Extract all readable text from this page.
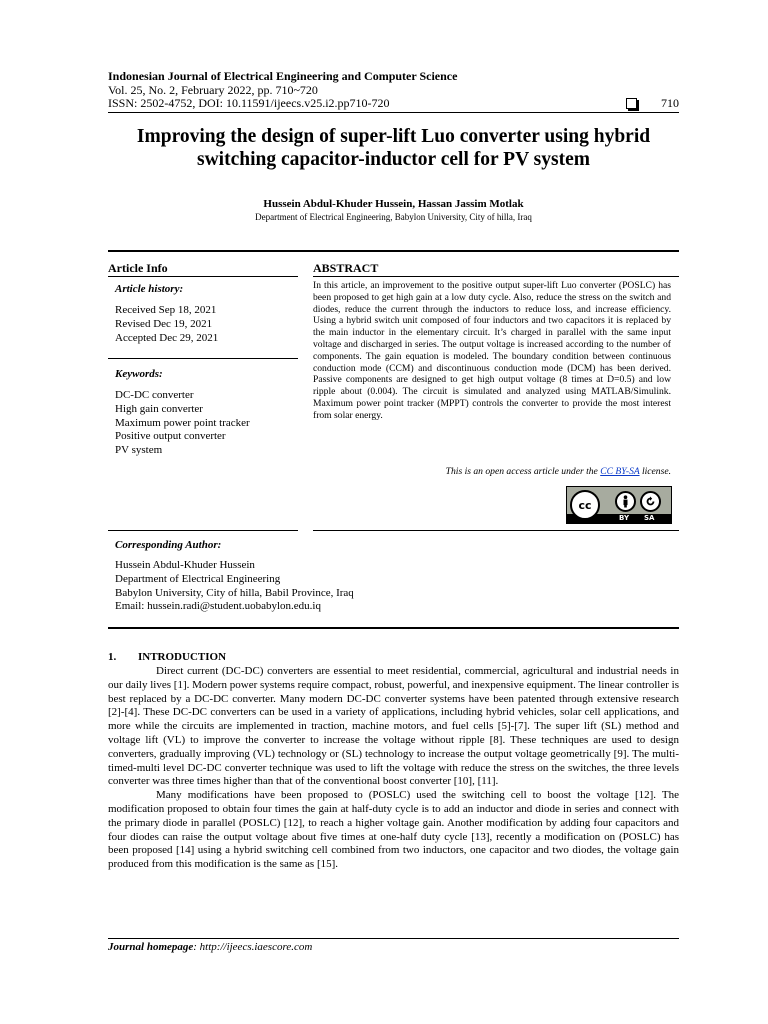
Indonesian Journal of Electrical Engineering and Computer Science
Vol. 25, No. 2, February 2022, pp. 710~720
ISSN: 2502-4752, DOI: 10.11591/ijeecs.v25.i2.pp710-720	710
Improving the design of super-lift Luo converter using hybrid switching capacitor-inductor cell for PV system
Hussein Abdul-Khuder Hussein, Hassan Jassim Motlak
Department of Electrical Engineering, Babylon University, City of hilla, Iraq
Article Info	ABSTRACT
Article history:
Received Sep 18, 2021
Revised Dec 19, 2021
Accepted Dec 29, 2021
Keywords:
DC-DC converter
High gain converter
Maximum power point tracker
Positive output converter
PV system
In this article, an improvement to the positive output super-lift Luo converter (POSLC) has been proposed to get high gain at a low duty cycle. Also, reduce the stress on the switch and diodes, reduce the current through the inductors to reduce loss, and increase efficiency. Using a hybrid switch unit composed of four inductors and two capacitors it is replaced by the main inductor in the elementary circuit. It’s charged in parallel with the same input voltage and discharged in series. The output voltage is increased according to the number of components. The gain equation is modeled. The boundary condition between continuous conduction mode (CCM) and discontinuous conduction mode (DCM) has been derived. Passive components are designed to get high output voltage (8 times at D=0.5) and low ripple about (0.004). The circuit is simulated and analyzed using MATLAB/Simulink. Maximum power point tracker (MPPT) controls the converter to provide the most interest from solar energy.
This is an open access article under the CC BY-SA license.
cc
BY SA
Corresponding Author:
Hussein Abdul-Khuder Hussein
Department of Electrical Engineering
Babylon University, City of hilla, Babil Province, Iraq
Email: hussein.radi@student.uobabylon.edu.iq
1. INTRODUCTION

Direct current (DC-DC) converters are essential to meet residential, commercial, agricultural and industrial needs in our daily lives [1]. Modern power systems require compact, robust, powerful, and inexpensive equipment. The linear controller is best replaced by a DC-DC converter. Many modern DC-DC converter systems have been patented through extensive research [2]-[4]. These DC-DC converters can be used in a variety of applications, including hybrid vehicles, solar cell applications, and more while the circuits are implemented in traction, machine motors, and fuel cells [5]-[7]. The super lift (SL) method and voltage lift (VL) to improve the converter to increase the voltage without ripple [8]. These techniques are used to design converters, gradually improving (VL) technology or (SL) technology to increase the output voltage geometrically [9]. The multi-timed-multi level DC-DC converter technique was used to lift the voltage with reduce the stress on the switches, the three levels converter was three times higher than that of the conventional boost converter [10], [11].

Many modifications have been proposed to (POSLC) used the switching cell to boost the voltage [12]. The modification proposed to obtain four times the gain at half-duty cycle is to add an inductor and diode in series and connect with the primary diode in parallel (POSLC) [12], to reach a higher voltage gain. Another modification by adding four capacitors and four diodes can raise the output voltage about five times at one-half duty cycle [13], recently a modification on (POSLC) has been proposed [14] using a hybrid switching cell combined from two inductors, one capacitor and two diodes, the voltage gain produced from this modification is the same as [15].

Journal homepage: http://ijeecs.iaescore.com
